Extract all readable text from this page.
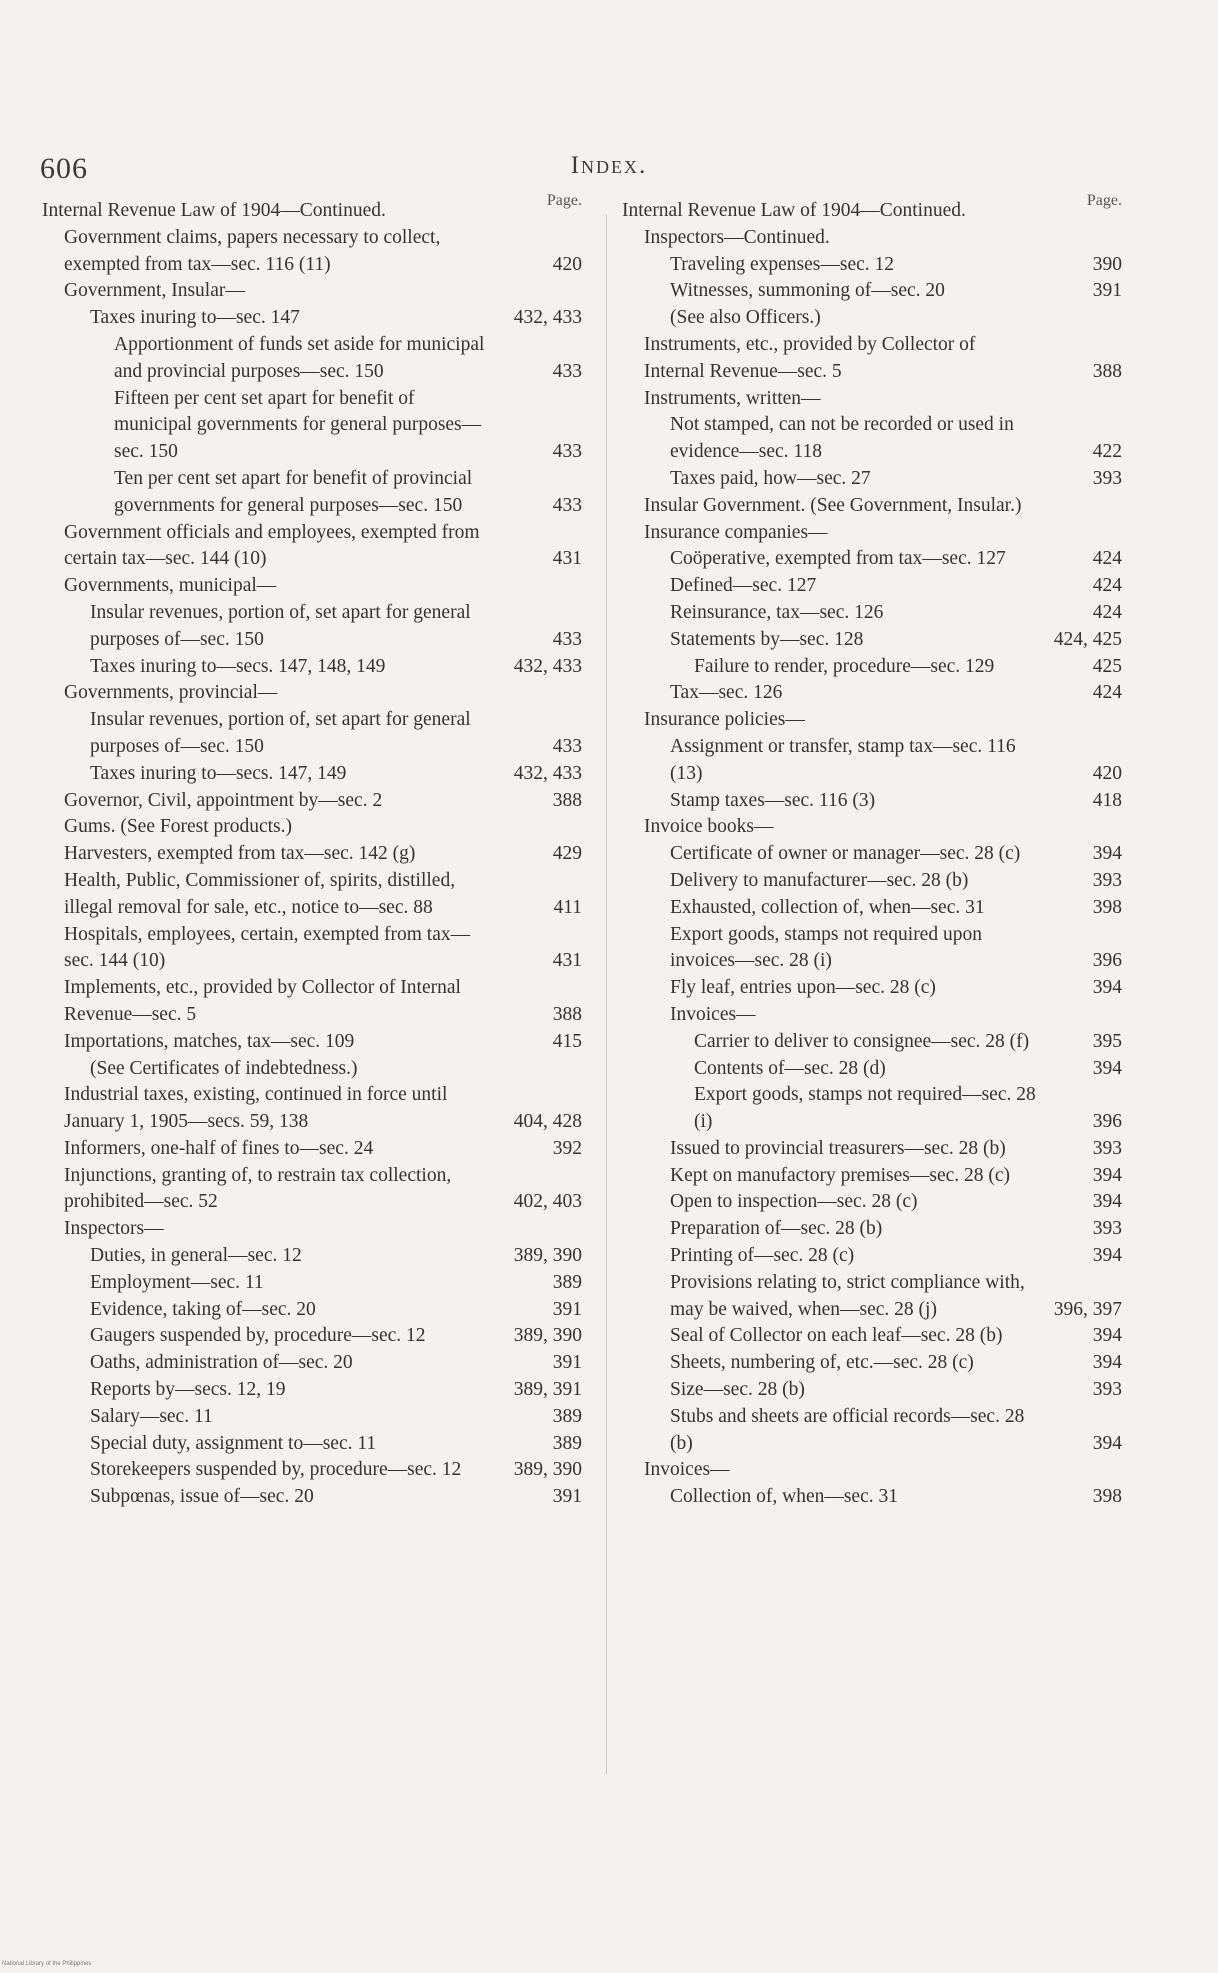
606	Index.
Page.
Internal Revenue Law of 1904—Continued.
Government claims, papers necessary to collect, exempted from tax—sec. 116 (11)	420
Government, Insular—
Taxes inuring to—sec. 147	432, 433
Apportionment of funds set aside for municipal and provincial purposes—sec. 150	433
Fifteen per cent set apart for benefit of municipal governments for general purposes—sec. 150	433
Ten per cent set apart for benefit of provincial governments for general purposes—sec. 150	433
Government officials and employees, exempted from certain tax—sec. 144 (10)	431
Governments, municipal—
Insular revenues, portion of, set apart for general purposes of—sec. 150	433
Taxes inuring to—secs. 147, 148, 149	432, 433
Governments, provincial—
Insular revenues, portion of, set apart for general purposes of—sec. 150	433
Taxes inuring to—secs. 147, 149	432, 433
Governor, Civil, appointment by—sec. 2	388
Gums. (See Forest products.)
Harvesters, exempted from tax—sec. 142 (g)	429
Health, Public, Commissioner of, spirits, distilled, illegal removal for sale, etc., notice to—sec. 88	411
Hospitals, employees, certain, exempted from tax—sec. 144 (10)	431
Implements, etc., provided by Collector of Internal Revenue—sec. 5	388
Importations, matches, tax—sec. 109	415
(See Certificates of indebtedness.)
Industrial taxes, existing, continued in force until January 1, 1905—secs. 59, 138	404, 428
Informers, one-half of fines to—sec. 24	392
Injunctions, granting of, to restrain tax collection, prohibited—sec. 52	402, 403
Inspectors—
Duties, in general—sec. 12	389, 390
Employment—sec. 11	389
Evidence, taking of—sec. 20	391
Gaugers suspended by, procedure—sec. 12	389, 390
Oaths, administration of—sec. 20	391
Reports by—secs. 12, 19	389, 391
Salary—sec. 11	389
Special duty, assignment to—sec. 11	389
Storekeepers suspended by, procedure—sec. 12	389, 390
Subpœnas, issue of—sec. 20	391
Page.
Internal Revenue Law of 1904—Continued.
Inspectors—Continued.
Traveling expenses—sec. 12	390
Witnesses, summoning of—sec. 20	391
(See also Officers.)
Instruments, etc., provided by Collector of Internal Revenue—sec. 5	388
Instruments, written—
Not stamped, can not be recorded or used in evidence—sec. 118	422
Taxes paid, how—sec. 27	393
Insular Government. (See Government, Insular.)
Insurance companies—
Coöperative, exempted from tax—sec. 127	424
Defined—sec. 127	424
Reinsurance, tax—sec. 126	424
Statements by—sec. 128	424, 425
Failure to render, procedure—sec. 129	425
Tax—sec. 126	424
Insurance policies—
Assignment or transfer, stamp tax—sec. 116 (13)	420
Stamp taxes—sec. 116 (3)	418
Invoice books—
Certificate of owner or manager—sec. 28 (c)	394
Delivery to manufacturer—sec. 28 (b)	393
Exhausted, collection of, when—sec. 31	398
Export goods, stamps not required upon invoices—sec. 28 (i)	396
Fly leaf, entries upon—sec. 28 (c)	394
Invoices—
Carrier to deliver to consignee—sec. 28 (f)	395
Contents of—sec. 28 (d)	394
Export goods, stamps not required—sec. 28 (i)	396
Issued to provincial treasurers—sec. 28 (b)	393
Kept on manufactory premises—sec. 28 (c)	394
Open to inspection—sec. 28 (c)	394
Preparation of—sec. 28 (b)	393
Printing of—sec. 28 (c)	394
Provisions relating to, strict compliance with, may be waived, when—sec. 28 (j)	396, 397
Seal of Collector on each leaf—sec. 28 (b)	394
Sheets, numbering of, etc.—sec. 28 (c)	394
Size—sec. 28 (b)	393
Stubs and sheets are official records—sec. 28 (b)	394
Invoices—
Collection of, when—sec. 31	398
National Library of the Philippines
